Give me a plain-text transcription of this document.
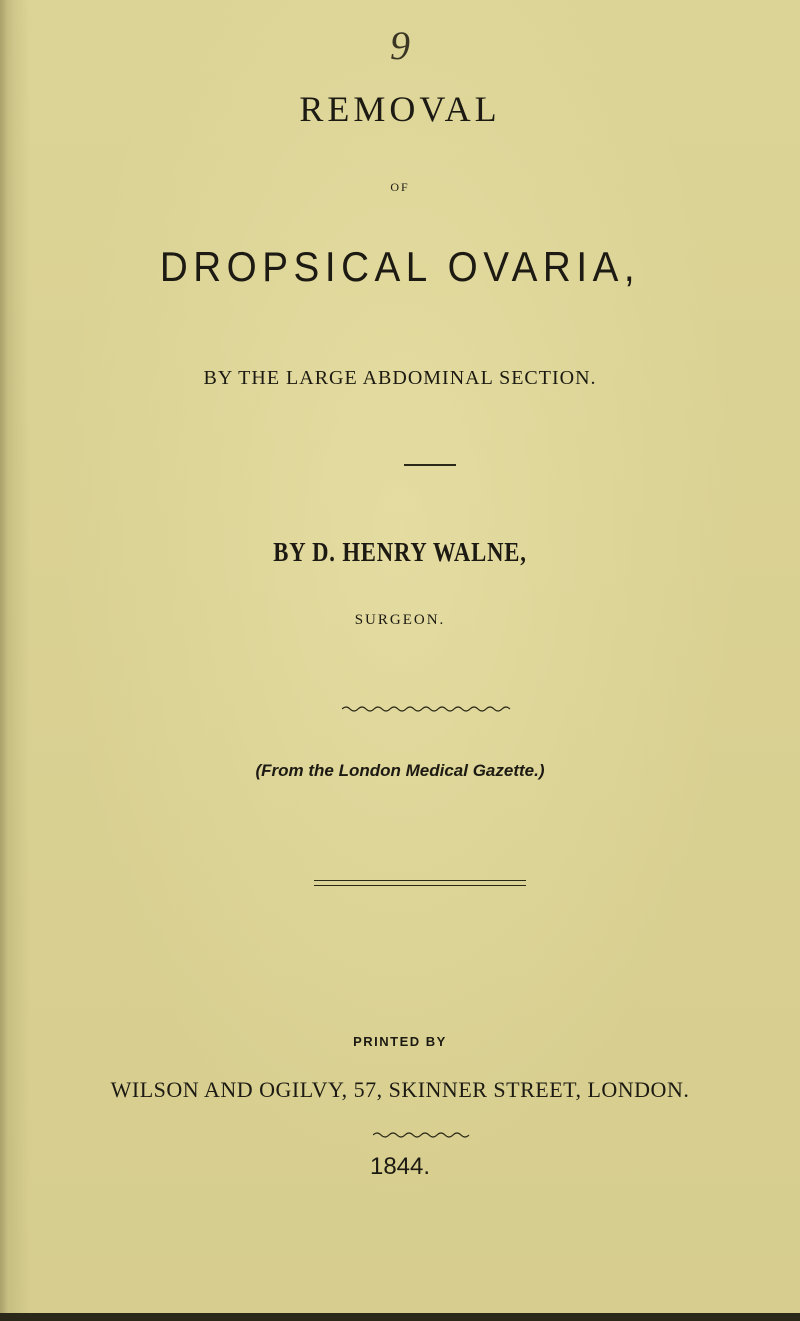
9
REMOVAL
OF
DROPSICAL OVARIA,
BY THE LARGE ABDOMINAL SECTION.
BY D. HENRY WALNE,
SURGEON.
(From the London Medical Gazette.)
PRINTED BY
WILSON AND OGILVY, 57, SKINNER STREET, LONDON.
1844.
